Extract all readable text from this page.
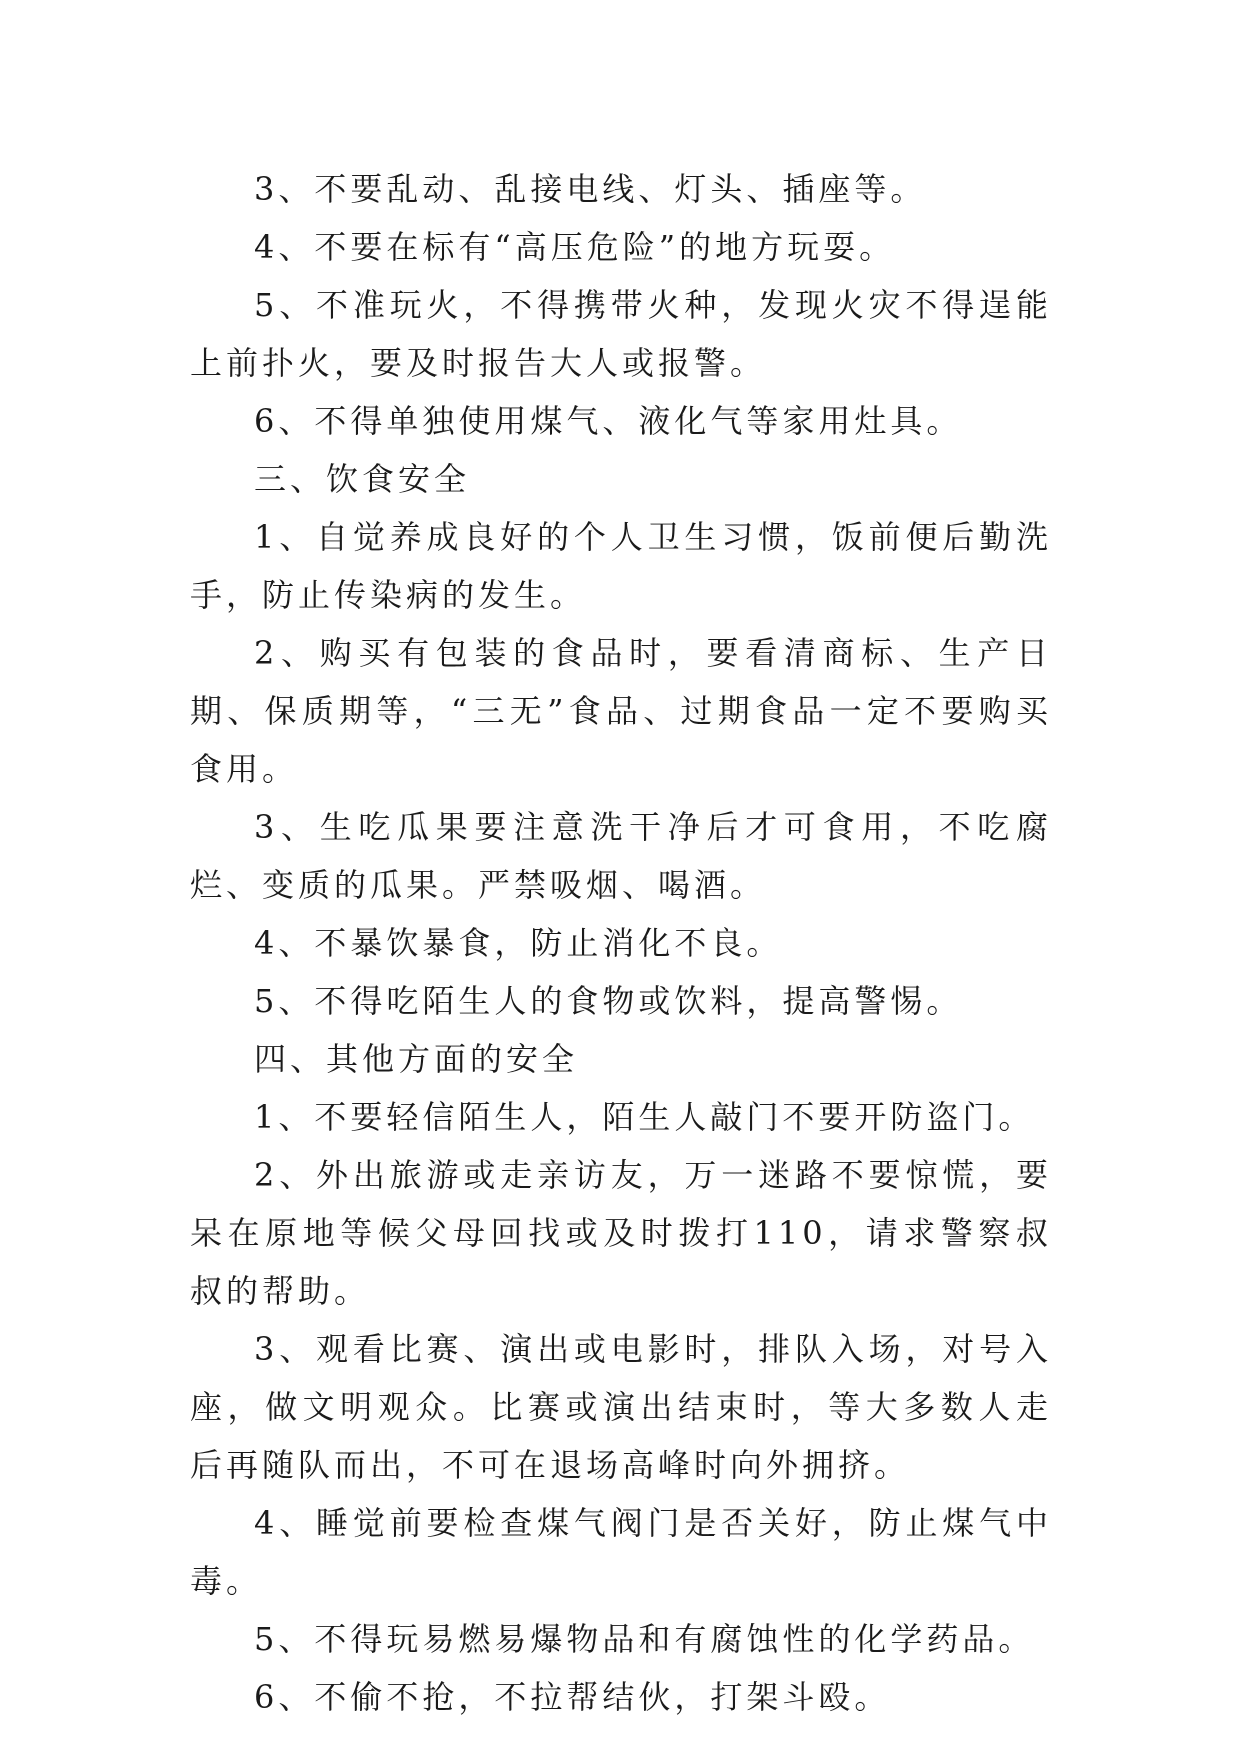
3、不要乱动、乱接电线、灯头、插座等。

4、不要在标有“高压危险”的地方玩耍。

5、不准玩火，不得携带火种，发现火灾不得逞能上前扑火，要及时报告大人或报警。

6、不得单独使用煤气、液化气等家用灶具。

三、饮食安全

1、自觉养成良好的个人卫生习惯，饭前便后勤洗手，防止传染病的发生。

2、购买有包装的食品时，要看清商标、生产日期、保质期等，“三无”食品、过期食品一定不要购买食用。

3、生吃瓜果要注意洗干净后才可食用，不吃腐烂、变质的瓜果。严禁吸烟、喝酒。

4、不暴饮暴食，防止消化不良。

5、不得吃陌生人的食物或饮料，提高警惕。

四、其他方面的安全

1、不要轻信陌生人，陌生人敲门不要开防盗门。

2、外出旅游或走亲访友，万一迷路不要惊慌，要呆在原地等候父母回找或及时拨打110，请求警察叔叔的帮助。

3、观看比赛、演出或电影时，排队入场，对号入座，做文明观众。比赛或演出结束时，等大多数人走后再随队而出，不可在退场高峰时向外拥挤。

4、睡觉前要检查煤气阀门是否关好，防止煤气中毒。

5、不得玩易燃易爆物品和有腐蚀性的化学药品。

6、不偷不抢，不拉帮结伙，打架斗殴。
